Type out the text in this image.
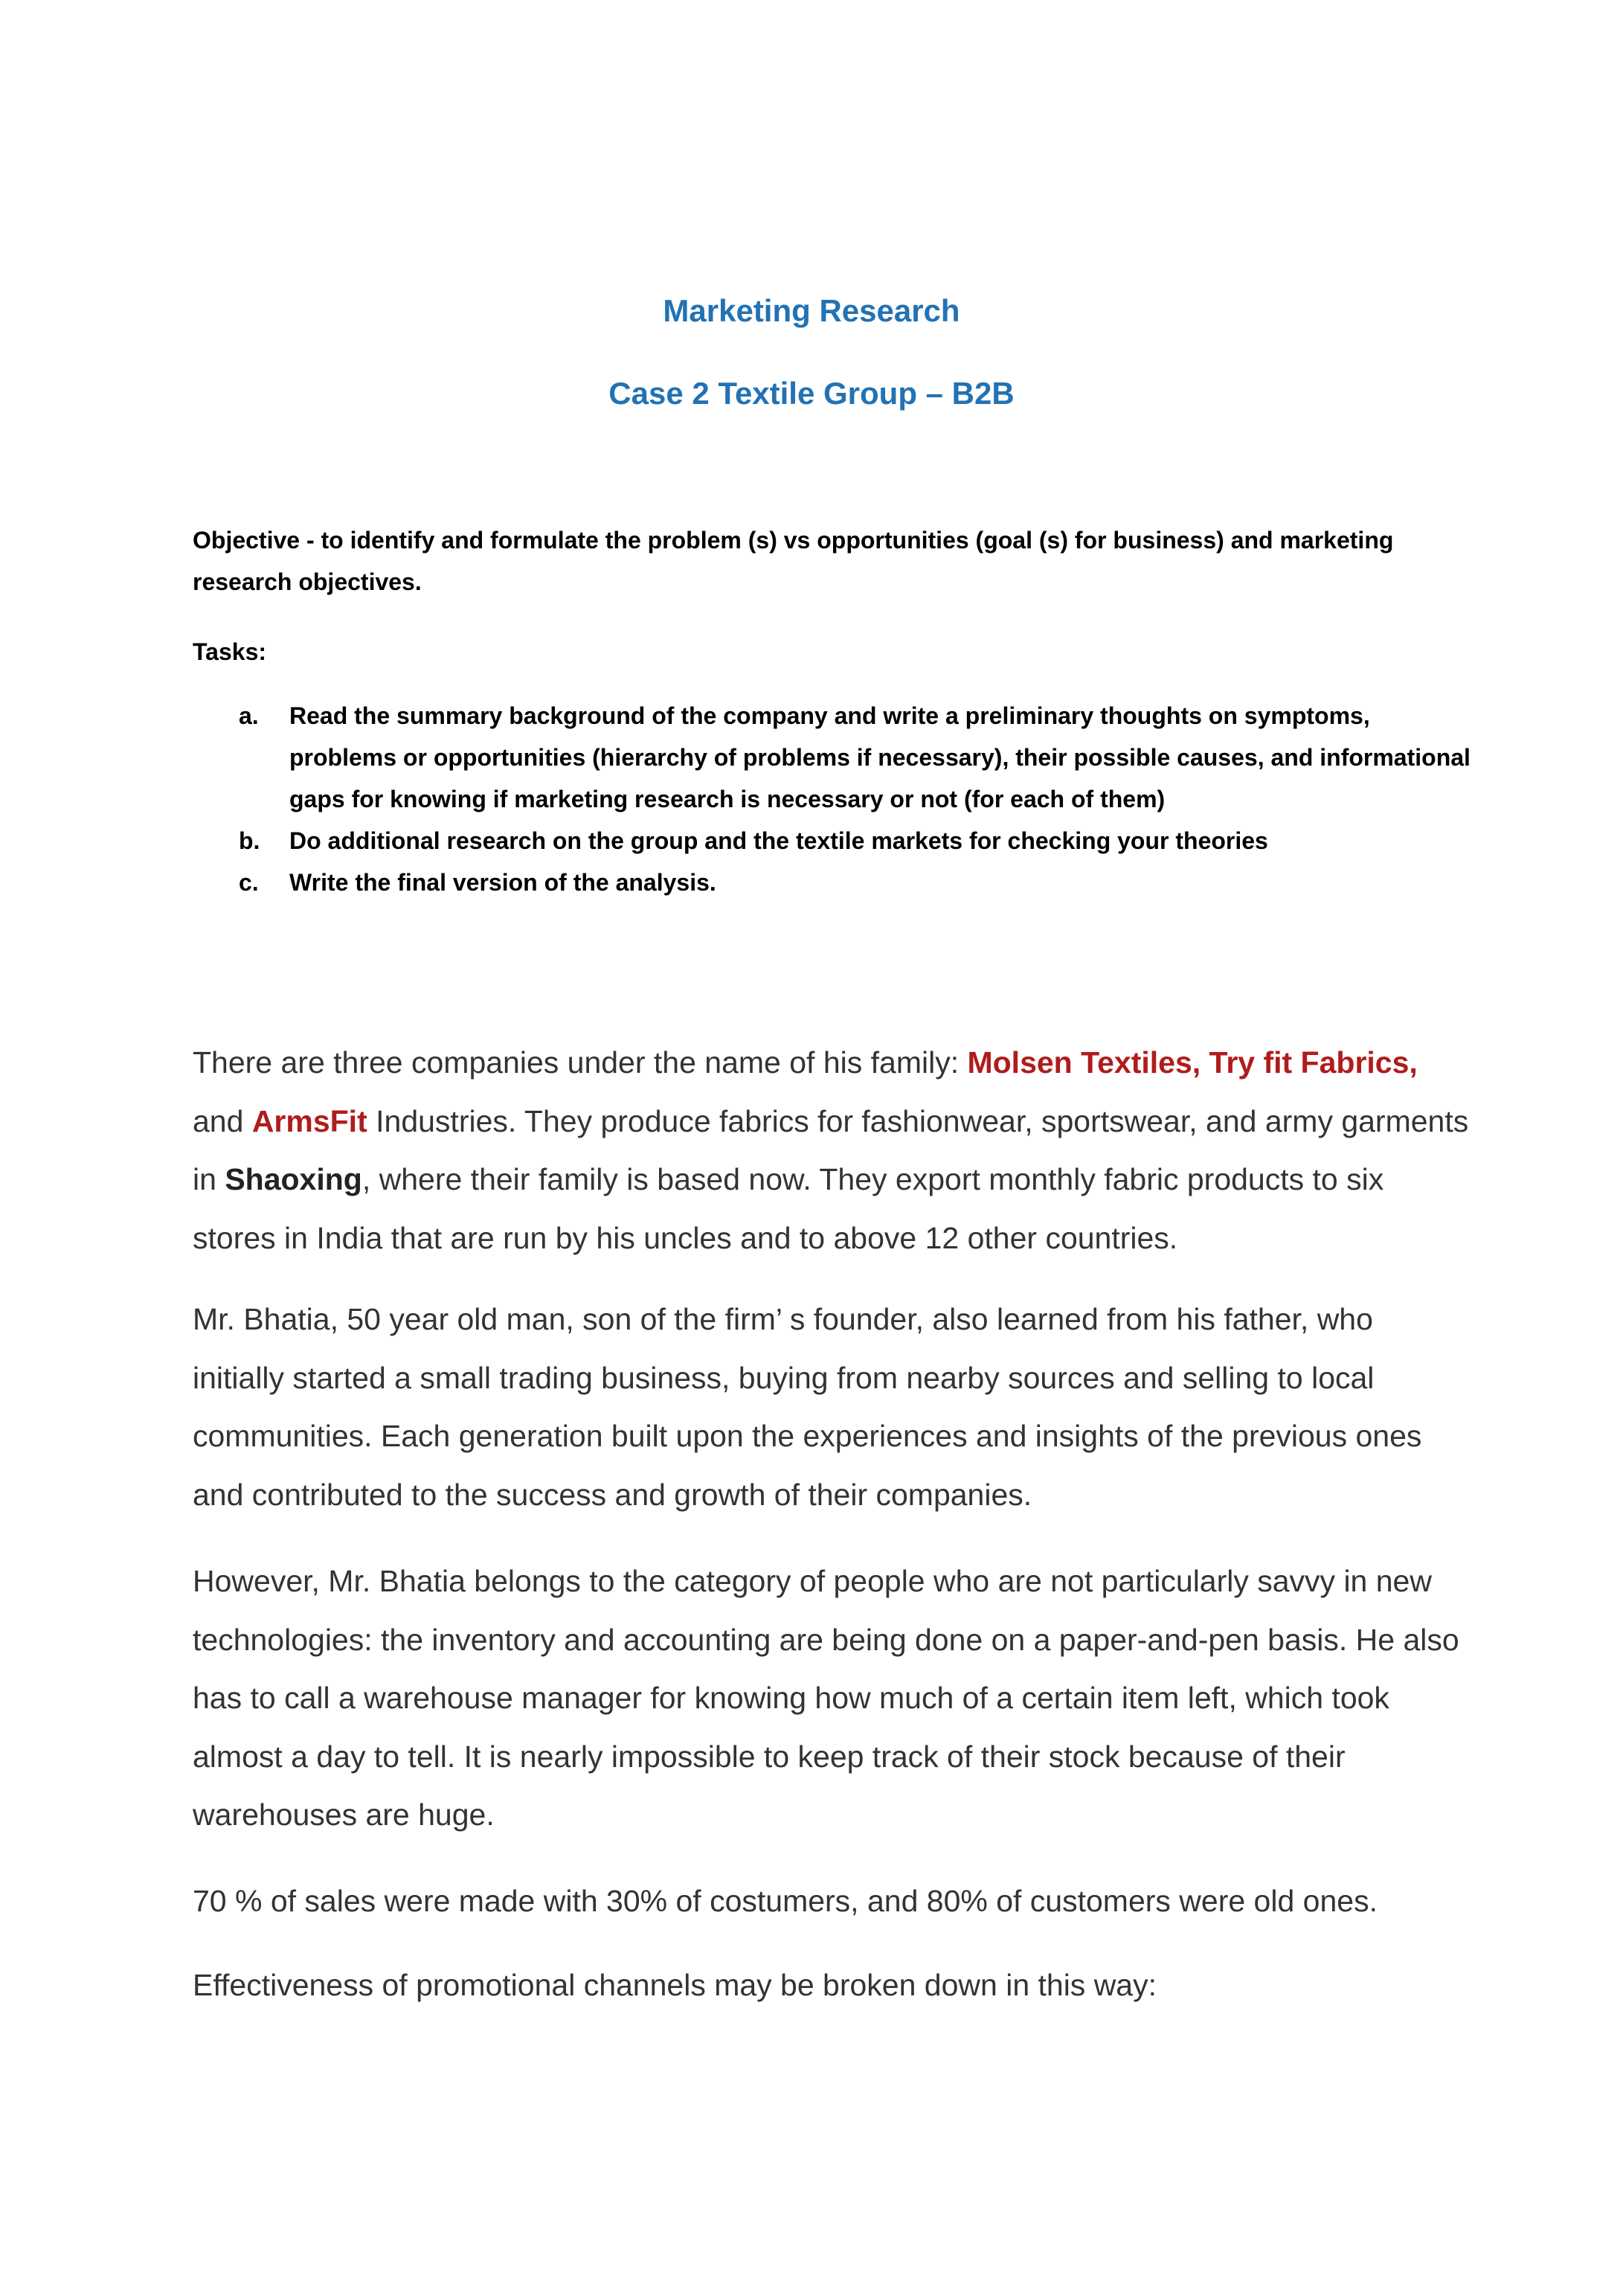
Marketing Research
Case 2 Textile Group – B2B

Objective - to identify and formulate the problem (s) vs opportunities (goal (s) for business) and marketing research objectives.

Tasks:

a. Read the summary background of the company and write a preliminary thoughts on symptoms, problems or opportunities (hierarchy of problems if necessary), their possible causes, and informational gaps for knowing if marketing research is necessary or not (for each of them)
b. Do additional research on the group and the textile markets for checking your theories
c. Write the final version of the analysis.

There are three companies under the name of his family: Molsen Textiles, Try fit Fabrics, and ArmsFit Industries. They produce fabrics for fashionwear, sportswear, and army garments in Shaoxing, where their family is based now. They export monthly fabric products to six stores in India that are run by his uncles and to above 12 other countries.

Mr. Bhatia, 50 year old man, son of the firm’ s founder, also learned from his father, who initially started a small trading business, buying from nearby sources and selling to local communities. Each generation built upon the experiences and insights of the previous ones and contributed to the success and growth of their companies.

However, Mr. Bhatia belongs to the category of people who are not particularly savvy in new technologies: the inventory and accounting are being done on a paper-and-pen basis. He also has to call a warehouse manager for knowing how much of a certain item left, which took almost a day to tell. It is nearly impossible to keep track of their stock because of their warehouses are huge.

70 % of sales were made with 30% of costumers, and 80% of customers were old ones.

Effectiveness of promotional channels may be broken down in this way:
